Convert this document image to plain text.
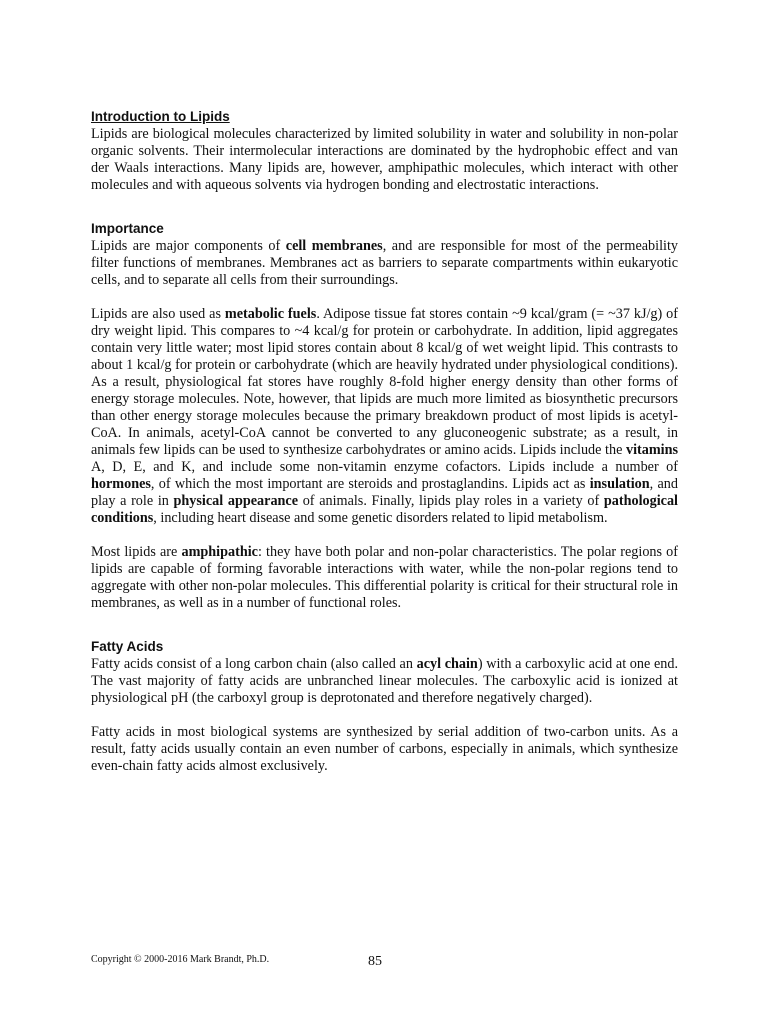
Introduction to Lipids

Lipids are biological molecules characterized by limited solubility in water and solubility in non-polar organic solvents. Their intermolecular interactions are dominated by the hydrophobic effect and van der Waals interactions. Many lipids are, however, amphipathic molecules, which interact with other molecules and with aqueous solvents via hydrogen bonding and electrostatic interactions.

Importance

Lipids are major components of cell membranes, and are responsible for most of the permeability filter functions of membranes. Membranes act as barriers to separate compartments within eukaryotic cells, and to separate all cells from their surroundings.

Lipids are also used as metabolic fuels. Adipose tissue fat stores contain ~9 kcal/gram (= ~37 kJ/g) of dry weight lipid. This compares to ~4 kcal/g for protein or carbohydrate. In addition, lipid aggregates contain very little water; most lipid stores contain about 8 kcal/g of wet weight lipid. This contrasts to about 1 kcal/g for protein or carbohydrate (which are heavily hydrated under physiological conditions). As a result, physiological fat stores have roughly 8-fold higher energy density than other forms of energy storage molecules. Note, however, that lipids are much more limited as biosynthetic precursors than other energy storage molecules because the primary breakdown product of most lipids is acetyl-CoA. In animals, acetyl-CoA cannot be converted to any gluconeogenic substrate; as a result, in animals few lipids can be used to synthesize carbohydrates or amino acids. Lipids include the vitamins A, D, E, and K, and include some non-vitamin enzyme cofactors. Lipids include a number of hormones, of which the most important are steroids and prostaglandins. Lipids act as insulation, and play a role in physical appearance of animals. Finally, lipids play roles in a variety of pathological conditions, including heart disease and some genetic disorders related to lipid metabolism.

Most lipids are amphipathic: they have both polar and non-polar characteristics. The polar regions of lipids are capable of forming favorable interactions with water, while the non-polar regions tend to aggregate with other non-polar molecules. This differential polarity is critical for their structural role in membranes, as well as in a number of functional roles.

Fatty Acids

Fatty acids consist of a long carbon chain (also called an acyl chain) with a carboxylic acid at one end. The vast majority of fatty acids are unbranched linear molecules. The carboxylic acid is ionized at physiological pH (the carboxyl group is deprotonated and therefore negatively charged).

Fatty acids in most biological systems are synthesized by serial addition of two-carbon units. As a result, fatty acids usually contain an even number of carbons, especially in animals, which synthesize even-chain fatty acids almost exclusively.

Copyright © 2000-2016 Mark Brandt, Ph.D.	85
